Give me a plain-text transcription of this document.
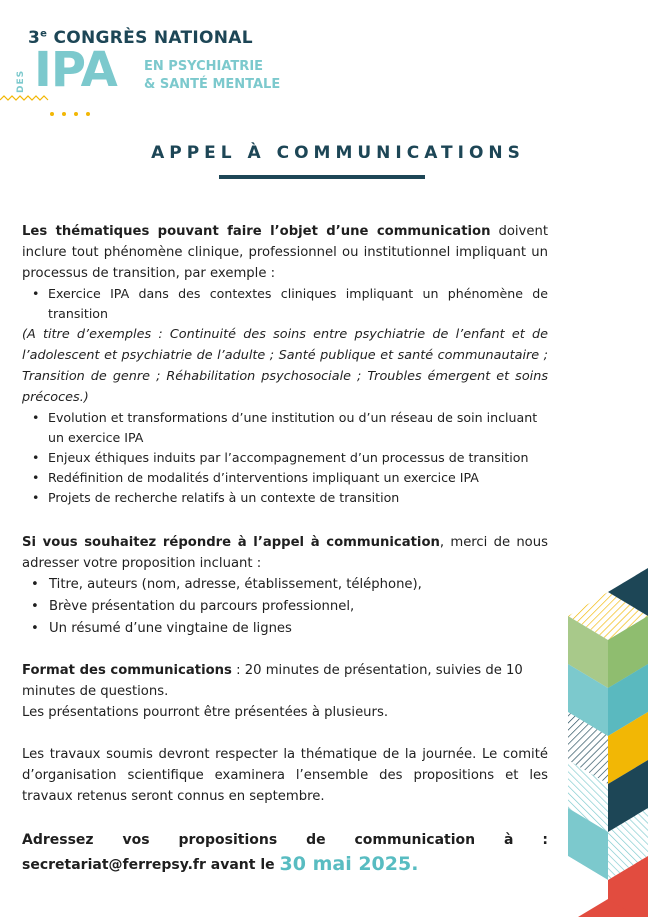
3e CONGRÈS NATIONAL
DES IPA EN PSYCHIATRIE
& SANTÉ MENTALE
APPEL À COMMUNICATIONS

Les thématiques pouvant faire l’objet d’une communication doivent inclure tout phénomène clinique, professionnel ou institutionnel impliquant un processus de transition, par exemple :

• Exercice IPA dans des contextes cliniques impliquant un phénomène de transition

(A titre d’exemples : Continuité des soins entre psychiatrie de l’enfant et de l’adolescent et psychiatrie de l’adulte ; Santé publique et santé communautaire ; Transition de genre ; Réhabilitation psychosociale ; Troubles émergent et soins précoces.)

• Evolution et transformations d’une institution ou d’un réseau de soin incluant un exercice IPA
• Enjeux éthiques induits par l’accompagnement d’un processus de transition
• Redéfinition de modalités d’interventions impliquant un exercice IPA
• Projets de recherche relatifs à un contexte de transition

Si vous souhaitez répondre à l’appel à communication, merci de nous adresser votre proposition incluant :

• Titre, auteurs (nom, adresse, établissement, téléphone),
• Brève présentation du parcours professionnel,
• Un résumé d’une vingtaine de lignes

Format des communications : 20 minutes de présentation, suivies de 10 minutes de questions.

Les présentations pourront être présentées à plusieurs.

Les travaux soumis devront respecter la thématique de la journée. Le comité d’organisation scientifique examinera l’ensemble des propositions et les travaux retenus seront connus en septembre.

Adressez vos propositions de communication à :
secretariat@ferrepsy.fr avant le 30 mai 2025.
